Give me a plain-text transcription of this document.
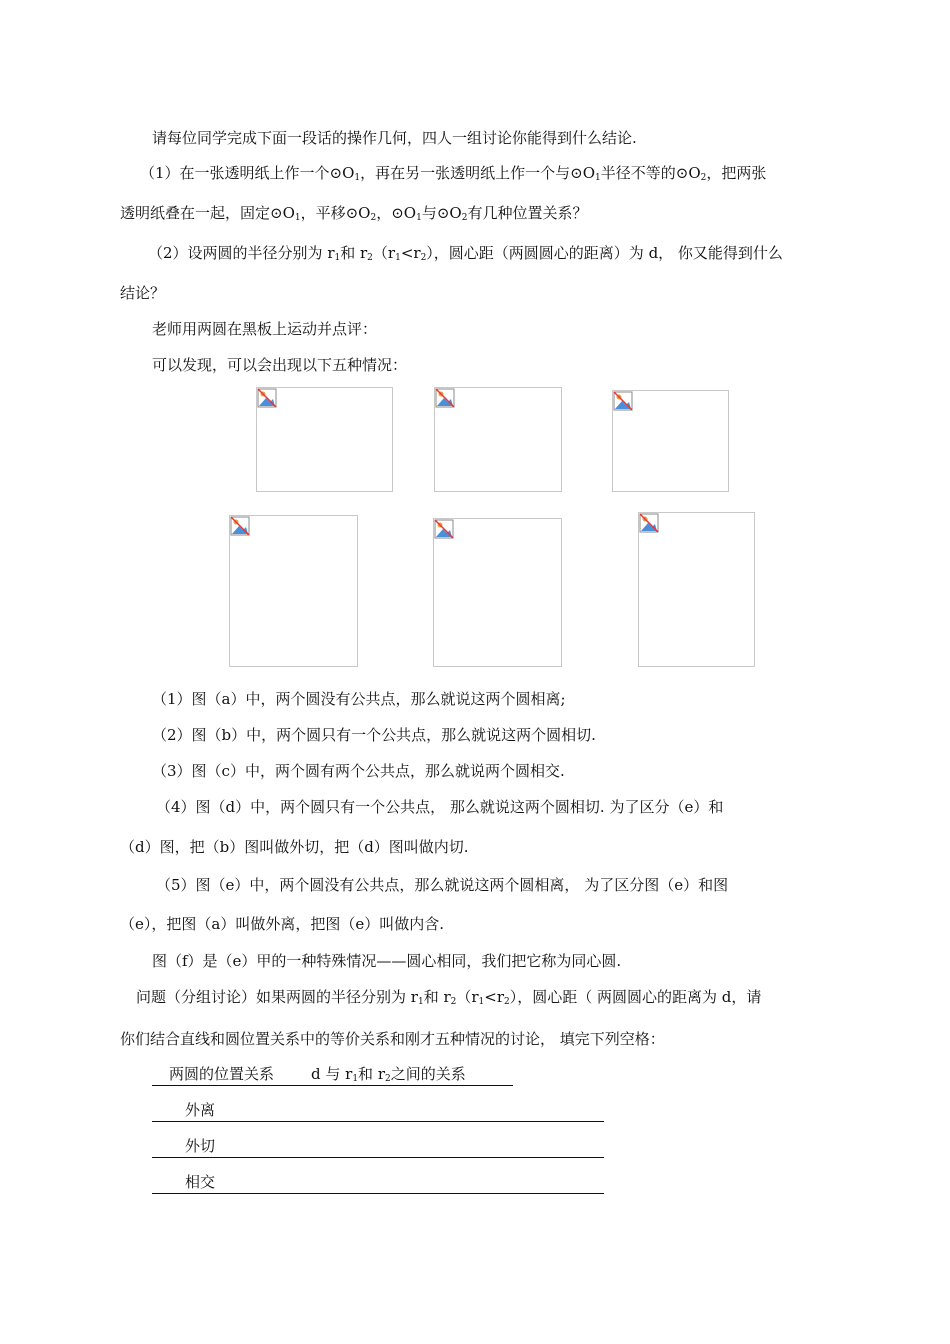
请每位同学完成下面一段话的操作几何，四人一组讨论你能得到什么结论.
（1）在一张透明纸上作一个$⊙O_1$，再在另一张透明纸上作一个与$⊙O_1$半径不等的$⊙O_2$，把两张
透明纸叠在一起，固定$⊙O_1$，平移$⊙O_2$，$⊙O_1$与$⊙O_2$有几种位置关系？
（2）设两圆的半径分别为 $r_1$和 $r_2(r_1<r_2)$，圆心距（两圆圆心的距离）为 d， 你又能得到什么
结论？
老师用两圆在黑板上运动并点评：
可以发现，可以会出现以下五种情况：
（1）图（a）中，两个圆没有公共点，那么就说这两个圆相离;
（2）图（b）中，两个圆只有一个公共点，那么就说这两个圆相切.
（3）图（c）中，两个圆有两个公共点，那么就说两个圆相交.
（4）图（d）中，两个圆只有一个公共点， 那么就说这两个圆相切. 为了区分（e）和
（d）图，把（b）图叫做外切，把（d）图叫做内切.
（5）图（e）中，两个圆没有公共点，那么就说这两个圆相离， 为了区分图（e）和图
（e），把图（a）叫做外离，把图（e）叫做内含.
图（f）是（e）甲的一种特殊情况——圆心相同，我们把它称为同心圆.
问题（分组讨论）如果两圆的半径分别为 $r_1$和 $r_2(r_1<r_2)$，圆心距（ 两圆圆心的距离为 d，请
你们结合直线和圆位置关系中的等价关系和刚才五种情况的讨论， 填完下列空格：
两圆的位置关系 d 与 $r_1$和 $r_2$之间的关系
外离
外切
相交
